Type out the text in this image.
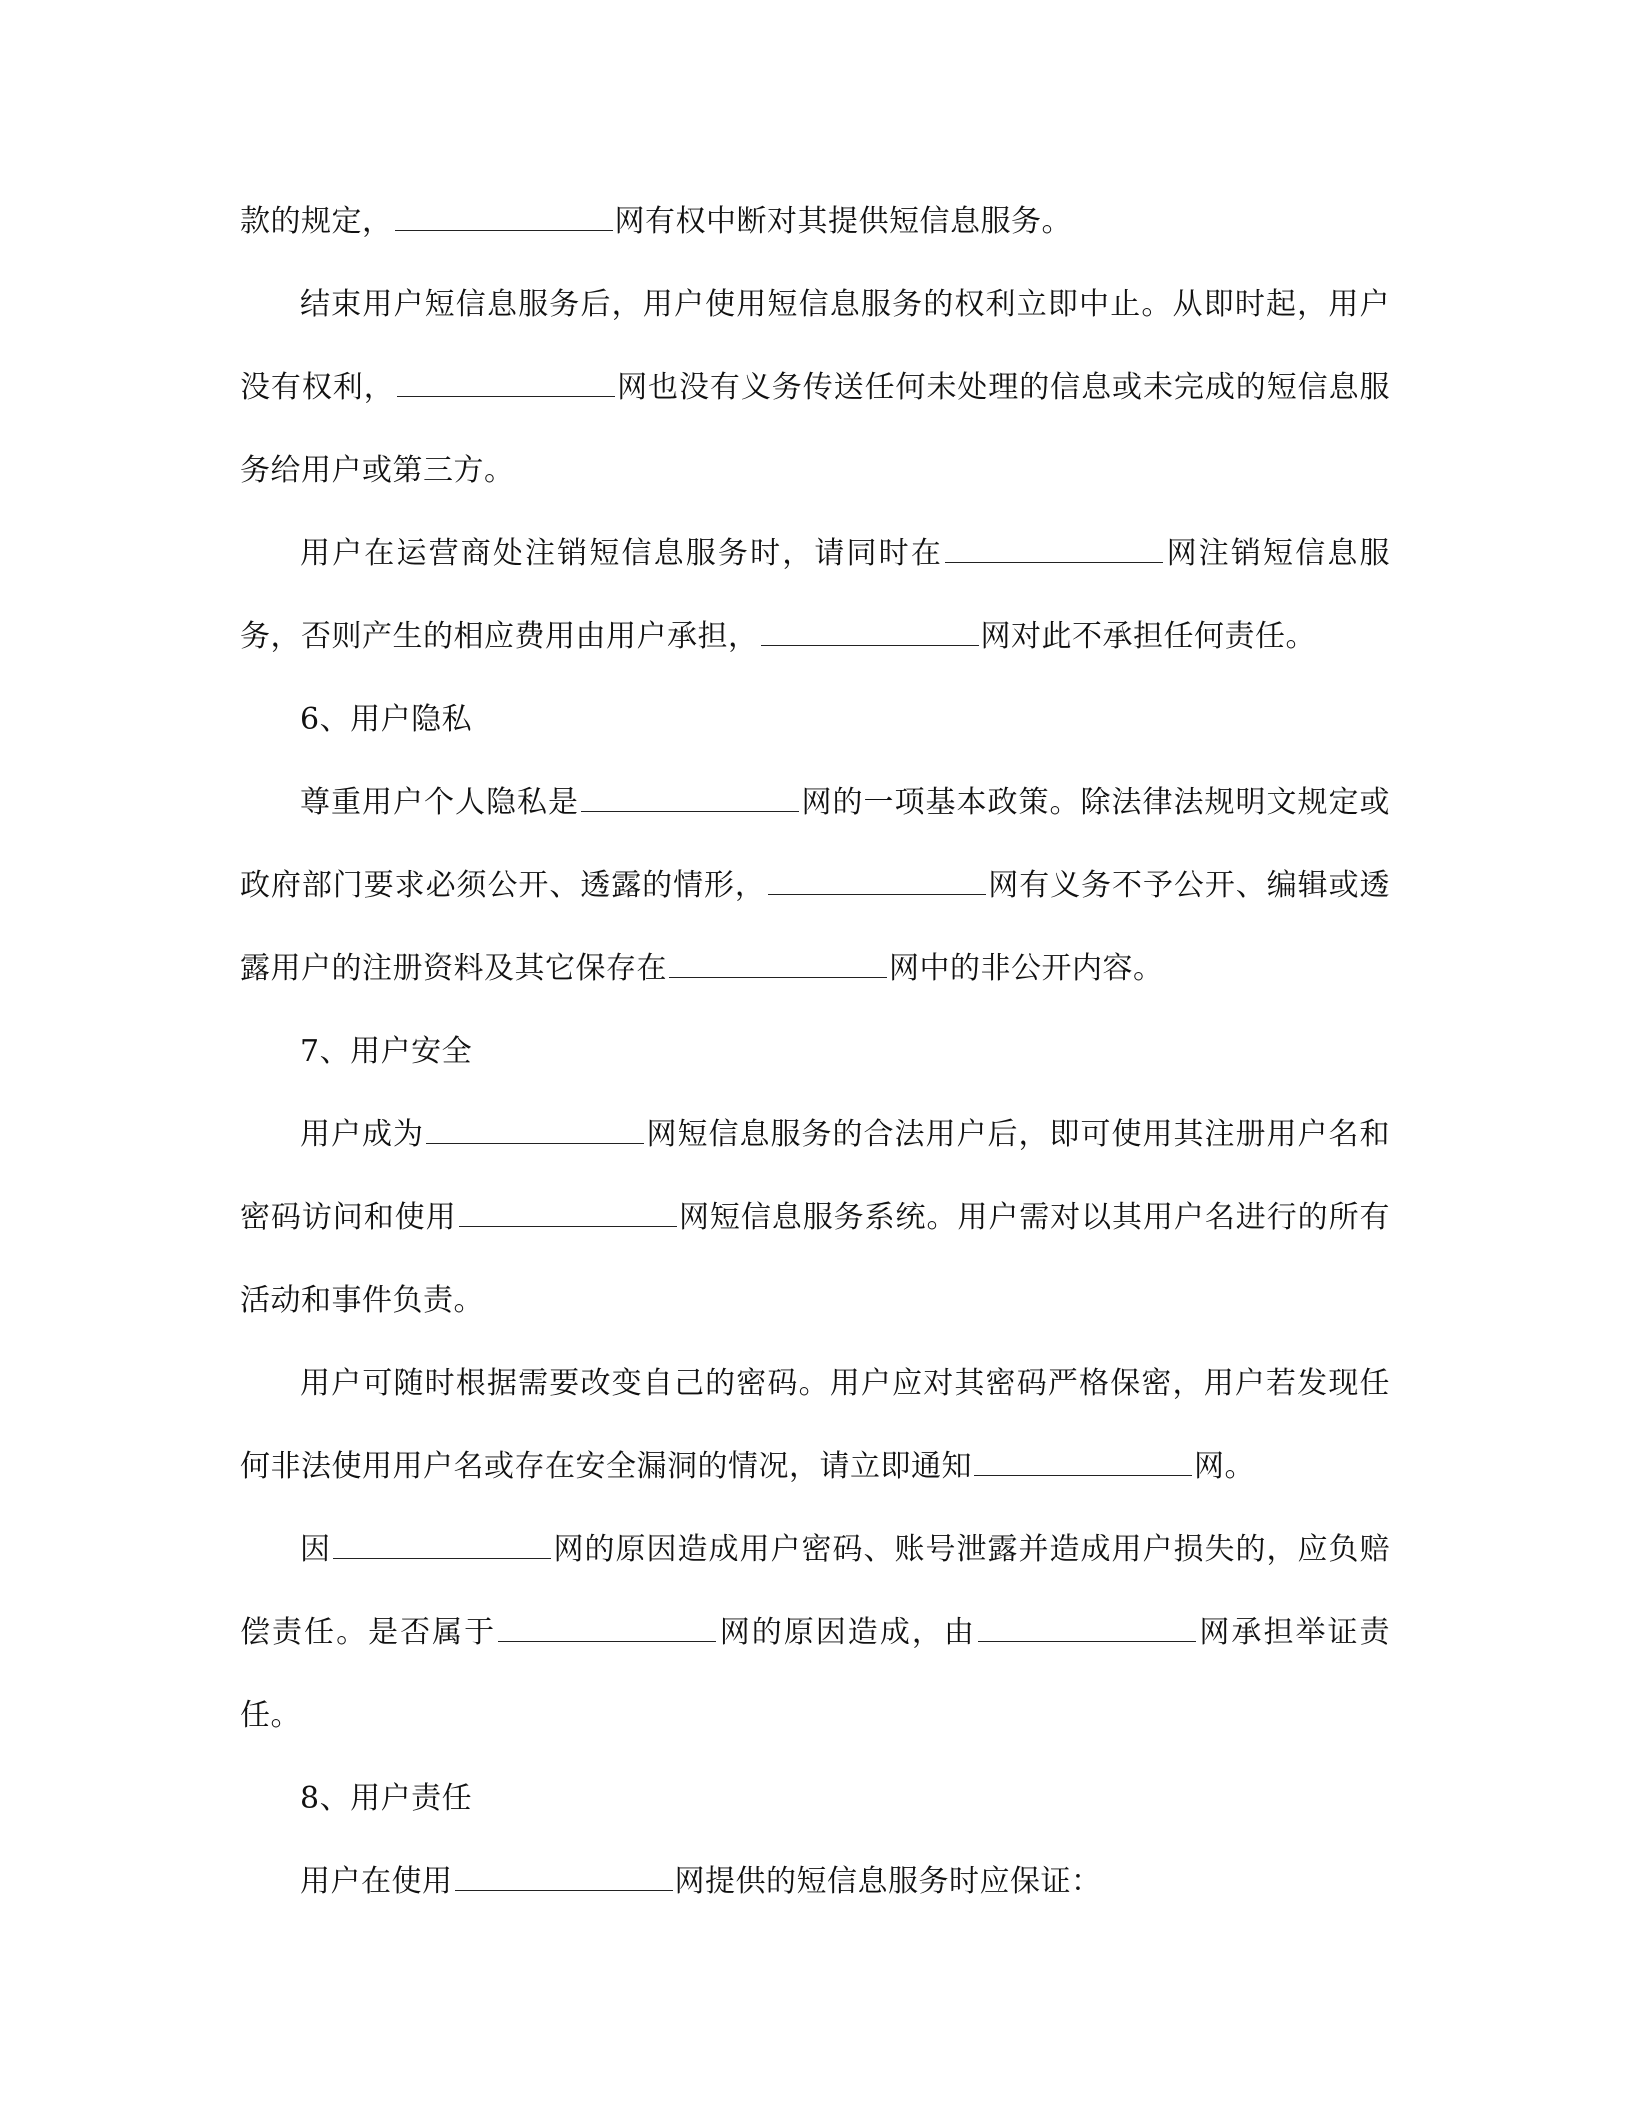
款的规定，	网有权中断对其提供短信息服务。

结束用户短信息服务后，用户使用短信息服务的权利立即中止。从即时起，用户没有权利，	网也没有义务传送任何未处理的信息或未完成的短信息服务给用户或第三方。

用户在运营商处注销短信息服务时，请同时在	网注销短信息服务，否则产生的相应费用由用户承担，	网对此不承担任何责任。

6、用户隐私

尊重用户个人隐私是	网的一项基本政策。除法律法规明文规定或政府部门要求必须公开、透露的情形，	网有义务不予公开、编辑或透露用户的注册资料及其它保存在	网中的非公开内容。

7、用户安全

用户成为	网短信息服务的合法用户后，即可使用其注册用户名和密码访问和使用	网短信息服务系统。用户需对以其用户名进行的所有活动和事件负责。

用户可随时根据需要改变自己的密码。用户应对其密码严格保密，用户若发现任何非法使用用户名或存在安全漏洞的情况，请立即通知	网。

因	网的原因造成用户密码、账号泄露并造成用户损失的，应负赔偿责任。是否属于	网的原因造成，由	网承担举证责任。

8、用户责任

用户在使用	网提供的短信息服务时应保证：
